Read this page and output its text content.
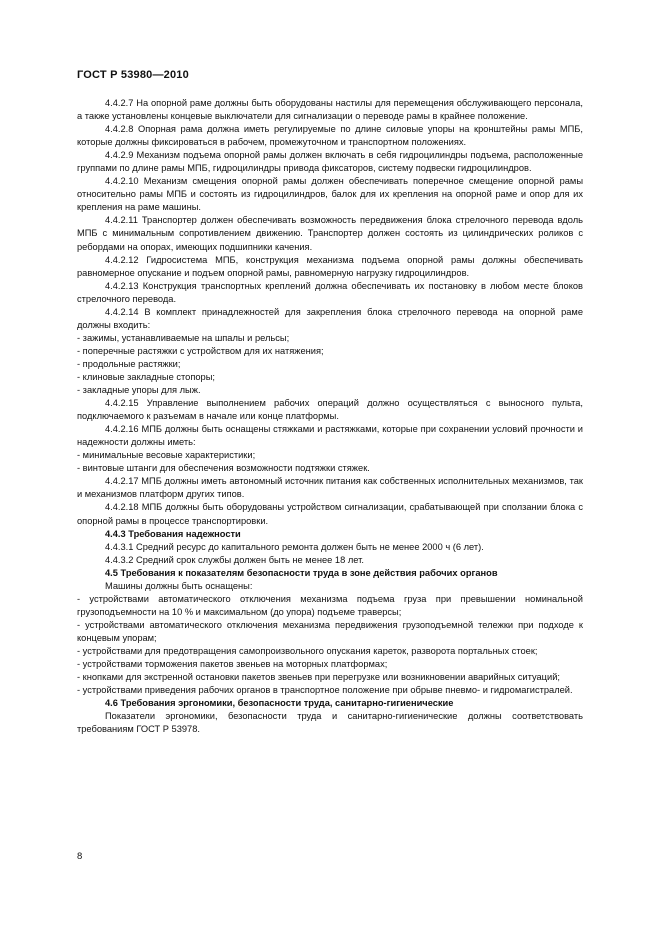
ГОСТ Р 53980—2010

4.4.2.7 На опорной раме должны быть оборудованы настилы для перемещения обслуживающего персонала, а также установлены концевые выключатели для сигнализации о переводе рамы в крайнее положение.

4.4.2.8 Опорная рама должна иметь регулируемые по длине силовые упоры на кронштейны рамы МПБ, которые должны фиксироваться в рабочем, промежуточном и транспортном положениях.

4.4.2.9 Механизм подъема опорной рамы должен включать в себя гидроцилиндры подъема, расположенные группами по длине рамы МПБ, гидроцилиндры привода фиксаторов, систему подвески гидроцилиндров.

4.4.2.10 Механизм смещения опорной рамы должен обеспечивать поперечное смещение опорной рамы относительно рамы МПБ и состоять из гидроцилиндров, балок для их крепления на опорной раме и опор для их крепления на раме машины.

4.4.2.11 Транспортер должен обеспечивать возможность передвижения блока стрелочного перевода вдоль МПБ с минимальным сопротивлением движению. Транспортер должен состоять из цилиндрических роликов с ребордами на опорах, имеющих подшипники качения.

4.4.2.12 Гидросистема МПБ, конструкция механизма подъема опорной рамы должны обеспечивать равномерное опускание и подъем опорной рамы, равномерную нагрузку гидроцилиндров.

4.4.2.13 Конструкция транспортных креплений должна обеспечивать их постановку в любом месте блоков стрелочного перевода.

4.4.2.14 В комплект принадлежностей для закрепления блока стрелочного перевода на опорной раме должны входить:

- зажимы, устанавливаемые на шпалы и рельсы;

- поперечные растяжки с устройством для их натяжения;

- продольные растяжки;

- клиновые закладные стопоры;

- закладные упоры для лыж.

4.4.2.15 Управление выполнением рабочих операций должно осуществляться с выносного пульта, подключаемого к разъемам в начале или конце платформы.

4.4.2.16 МПБ должны быть оснащены стяжками и растяжками, которые при сохранении условий прочности и надежности должны иметь:

- минимальные весовые характеристики;

- винтовые штанги для обеспечения возможности подтяжки стяжек.

4.4.2.17 МПБ должны иметь автономный источник питания как собственных исполнительных механизмов, так и механизмов платформ других типов.

4.4.2.18 МПБ должны быть оборудованы устройством сигнализации, срабатывающей при сползании блока с опорной рамы в процессе транспортировки.

4.4.3 Требования надежности

4.4.3.1 Средний ресурс до капитального ремонта должен быть не менее 2000 ч (6 лет).

4.4.3.2 Средний срок службы должен быть не менее 18 лет.

4.5 Требования к показателям безопасности труда в зоне действия рабочих органов

Машины должны быть оснащены:

- устройствами автоматического отключения механизма подъема груза при превышении номинальной грузоподъемности на 10 % и максимальном (до упора) подъеме траверсы;

- устройствами автоматического отключения механизма передвижения грузоподъемной тележки при подходе к концевым упорам;

- устройствами для предотвращения самопроизвольного опускания кареток, разворота портальных стоек;

- устройствами торможения пакетов звеньев на моторных платформах;

- кнопками для экстренной остановки пакетов звеньев при перегрузке или возникновении аварийных ситуаций;

- устройствами приведения рабочих органов в транспортное положение при обрыве пневмо- и гидромагистралей.

4.6 Требования эргономики, безопасности труда, санитарно-гигиенические

Показатели эргономики, безопасности труда и санитарно-гигиенические должны соответствовать требованиям ГОСТ Р 53978.

8
